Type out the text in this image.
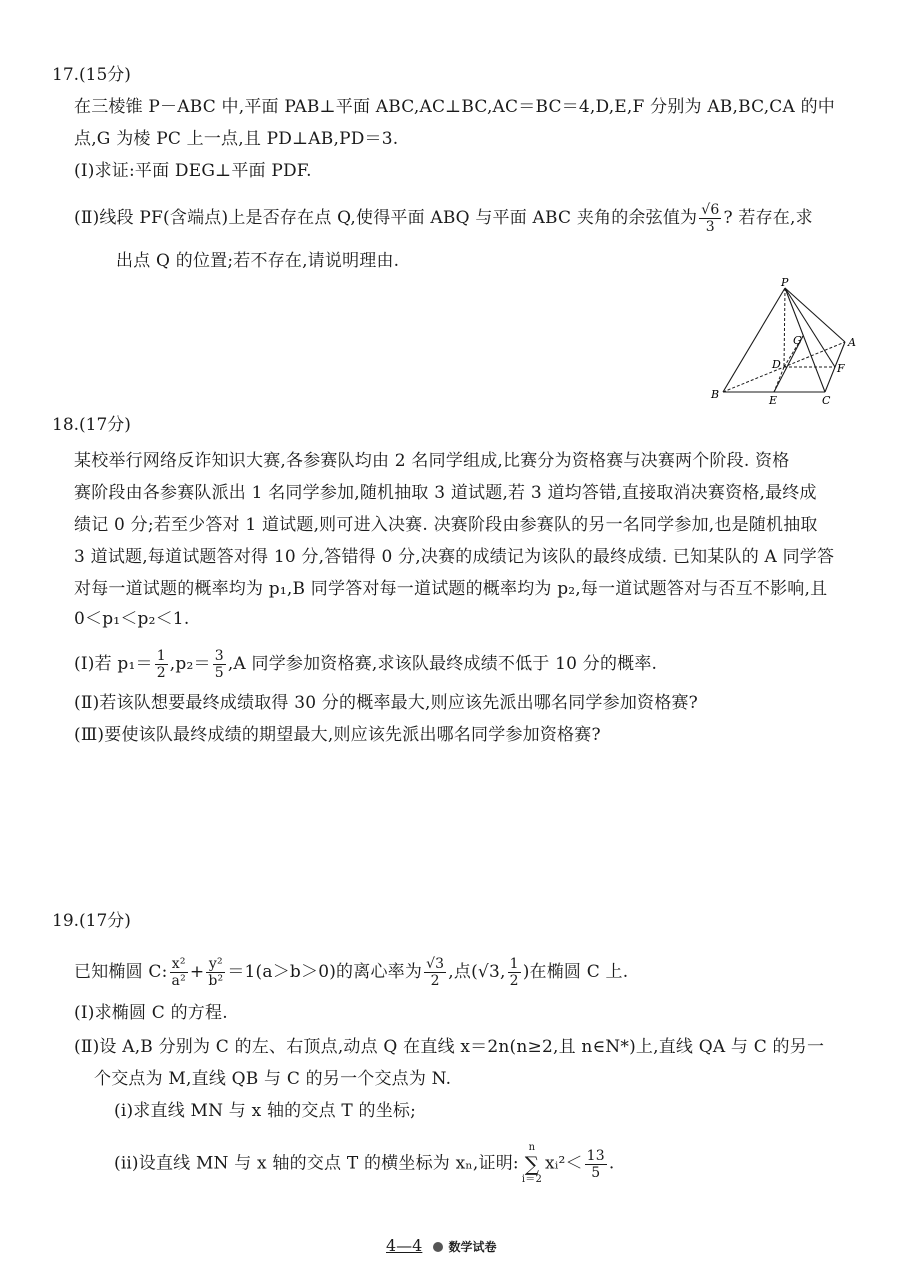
17.(15分)
在三棱锥 P－ABC 中,平面 PAB⊥平面 ABC,AC⊥BC,AC＝BC＝4,D,E,F 分别为 AB,BC,CA 的中
点,G 为棱 PC 上一点,且 PD⊥AB,PD＝3.
(Ⅰ)求证:平面 DEG⊥平面 PDF.
(Ⅱ)线段 PF(含端点)上是否存在点 Q,使得平面 ABQ 与平面 ABC 夹角的余弦值为 $\frac{√6}{3}$ ? 若存在,求
出点 Q 的位置;若不存在,请说明理由.
P
G	A
D	F
B	E	C
18.(17分)
某校举行网络反诈知识大赛,各参赛队均由 2 名同学组成,比赛分为资格赛与决赛两个阶段. 资格
赛阶段由各参赛队派出 1 名同学参加,随机抽取 3 道试题,若 3 道均答错,直接取消决赛资格,最终成
绩记 0 分;若至少答对 1 道试题,则可进入决赛. 决赛阶段由参赛队的另一名同学参加,也是随机抽取
3 道试题,每道试题答对得 10 分,答错得 0 分,决赛的成绩记为该队的最终成绩. 已知某队的 A 同学答
对每一道试题的概率均为 p₁,B 同学答对每一道试题的概率均为 p₂,每一道试题答对与否互不影响,且
0＜p₁＜p₂＜1.
(Ⅰ)若 $p_1= \frac{1}{2} ,p_2= \frac{3}{5} ,A$ 同学参加资格赛,求该队最终成绩不低于 10 分的概率.
(Ⅱ)若该队想要最终成绩取得 30 分的概率最大,则应该先派出哪名同学参加资格赛?
(Ⅲ)要使该队最终成绩的期望最大,则应该先派出哪名同学参加资格赛?
19.(17分)
已知椭圆 C: $\frac{\text{x²}}{\text{a²}} + \frac{\text{y²}}{\text{b²}} =1(a>b>0)$的离心率为 $\frac{√3}{2}$ ,点(√3, $\frac{1}{2}$ )在椭圆 C 上.
(Ⅰ)求椭圆 C 的方程.
(Ⅱ)设 A,B 分别为 C 的左、右顶点,动点 Q 在直线 x＝2n(n≥2,且 n∈N*)上,直线 QA 与 C 的另一
个交点为 M,直线 QB 与 C 的另一个交点为 N.
(ⅰ)求直线 MN 与 x 轴的交点 T 的坐标;
(ⅱ)设直线 MN 与 x 轴的交点 T 的横坐标为 xₙ,证明:
n
∑
i＝2
xᵢ²＜ $\frac{13}{5}$ .
4—4 数学试卷
